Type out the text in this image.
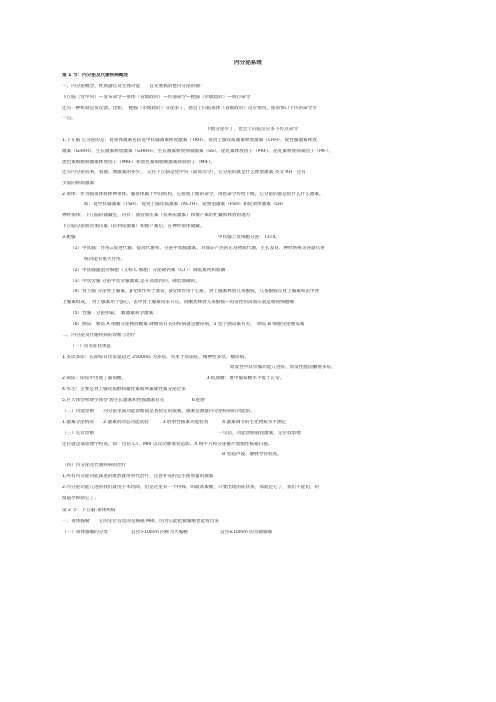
内分泌系统
第 1 节：内分泌及代谢疾病概述
一、内分泌概念、经典器官及生理功能　　首先要搞清楚内分泌的轴：
下丘脑（党中央）—发布命令—垂体（省级政府）—传递命令—靶腺（市级政府）—执行命令
还有一种机制是负反馈。比如，　靶腺（市级政府）分泌多了，感会上向报垂体（省级政府）反应情况，使垂体口下传的命令少
一点。
下级分泌少了，也会上向报反应多下传点命令
1.下丘脑 它分泌的是：促垂体激素包括促甲状腺激素释放激素（TRH）、促肾上腺皮质激素释放激素（CRH）、促性腺激素释放
激素（GnRH）、生长激素释放激素（GHRH）、生长激素释放抑制激素（SS）、泌乳素释放因子（PRF）、泌乳素释放抑制因子（PIF）、
黑色素细胞刺激素释放因子（MRF）和黑色素细胞刺激素抑制因子（MIF）。
还有内分泌抗利，看抽、测激素的多少。　记住下丘脑是党中央（最高司令），它分泌的就是什么释放激素 英文 RH　还有
少量的抑制激素
2.垂体：作为腺垂体将释神垂体。腺垂体属于中间机构，它接收上级的命令，再把命令传给下级，它分泌的都是促什么什么激素。
如：促甲状腺激素（TSH）、促肾上腺皮质激素（ACTH）、促卵泡激素（FSH）和促黄体激素（LH）
神经垂体，下丘脑的储藏室，内有：血管加压素（抗利尿激素）和催产素的贮藏和释放的地方
下丘脑分泌血管加压素（抗利尿激素）和催产素后，在神经垂体储藏。
3.靶腺　　　　　　　　　　　　　　　　　　　　　　　　　　　　　　　甲状腺上皮细胞分泌：T3T4。
（1）甲状腺：作用=促进代谢、提高代谢率、分泌甲状腺激素、对保证产热的正常物质代谢、生长发育、神经系统等各器官系
统功能有重大作用。
（2）甲状腺滤泡旁细胞（又称 C 细胞）分泌降钙素（CT）：降低血钙和血磷
（3）甲状旁腺 分泌甲状旁腺激素,是升高血钙的，降低血磷的。
（4）肾上腺 分泌肾上腺素，β受体作用于血管，β受体作用于心脏，肾上腺素释放儿茶酚胺，儿茶酚胺在肾上腺素和去甲肾
上腺素组成。　肾上腺素用于强心，去甲肾上腺素用来升压。同酮类释放儿茶酚胺—再发性的高血压就是嗜铬细胞瘤
（5）性腺　分泌卵巢、　雌激素和孕激素
（6）胰岛　胰岛 A 细胞分泌胰高糖素 降糖高有关的疾病就是糖尿病，1 型于胰岛素有关，　胰岛 B 细胞分泌胰岛素
二、内分泌及代谢疾病的诊断与治疗
（一）常见症状体征
1.多饮多尿：长期每日饮尿量超过 2500mL 为多尿，常见于尿崩症、精神性多饮、糖尿病。
原发性甲状旁腺功能亢进症、原发性醛固酮增多症。
2.频尿：即尿中出现了葡萄糖。　　　　　　　　　　　　　　　　　　3.低血糖：血中葡萄糖水平低于正常。
4.水毛：主要是肾上腺皮质醇和雄性素或卵巢雄性素分泌过多
5.巨大体型和矮小体型 源生长激素和性腺激素有关　　　　　　6.肥胖
（二）功能诊断　　内分泌里面功能诊断就是查验定的激素，激素是测量内分泌疾病的功能的。
1.激素分泌情况　　2.激素的动态功能试验　　　3.放射性核素功能检查　　　4.激素调节的生化物质水平测定
（三）定位诊断　　　　　　　　　　　　　　　　　　　　　　　　　　　一句话，功能诊断就找激素，定位找影像
定位就是靠影像学检查。如：包括 CT、MRI 以及动脉血管造影、X 线平片和分泌静片收缩性核素扫描。
B 型超声波、静脉导管检查。
（四）内分泌及代谢疾病的治疗
1.所有内分泌功能减退的既然就用替代治疗，注意补充的是生理剂量的激素
2.内分泌功能亢进的我们就用手术切除，但是这里有一个特殊，叫最高素瘤，只要出现的症状系，那就是它了，我们不能切，用
溴隐亭抑制它了。
第 2 节：下丘脑-垂体疾病
一、垂体腺瘤　　它的定位首选的是核磁 MRI，因为它能把微腺瘤也能看出来
（一）垂体腺瘤的分类　　　　　直径>10mm 的称为大腺瘤　　　　　　　直径≤10mm 的为微腺瘤
